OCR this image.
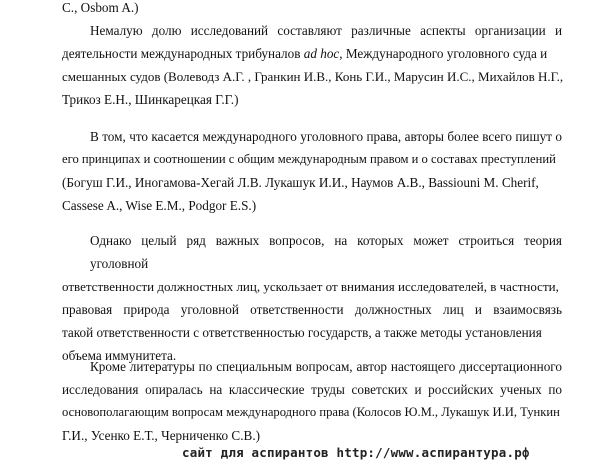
С., Osbom A.)
Немалую долю исследований составляют различные аспекты организации и
деятельности международных трибуналов ad hoc, Международного уголовного суда и
смешанных судов (Волеводз А.Г. , Гранкин И.В., Конь Г.И., Марусин И.С., Михайлов Н.Г.,
Трикоз Е.Н., Шинкарецкая Г.Г.)
В том, что касается международного уголовного права, авторы более всего пишут о
его принципах и соотношении с общим международным правом и о составах преступлений
(Богуш Г.И., Иногамова-Хегай Л.В. Лукашук И.И., Наумов А.В., Bassiouni M. Cherif,
Cassese A., Wise E.M., Podgor E.S.)
Однако целый ряд важных вопросов, на которых может строиться теория уголовной
ответственности должностных лиц, ускользает от внимания исследователей, в частности,
правовая природа уголовной ответственности должностных лиц и взаимосвязь
такой ответственности с ответственностью государств, а также методы установления
объема иммунитета.
Кроме литературы по специальным вопросам, автор настоящего диссертационного
исследования опиралась на классические труды советских и российских ученых по
основополагающим вопросам международного права (Колосов Ю.М., Лукашук И.И, Тункин
Г.И., Усенко Е.Т., Черниченко С.В.)
сайт для аспирантов http://www.аспирантура.рф
